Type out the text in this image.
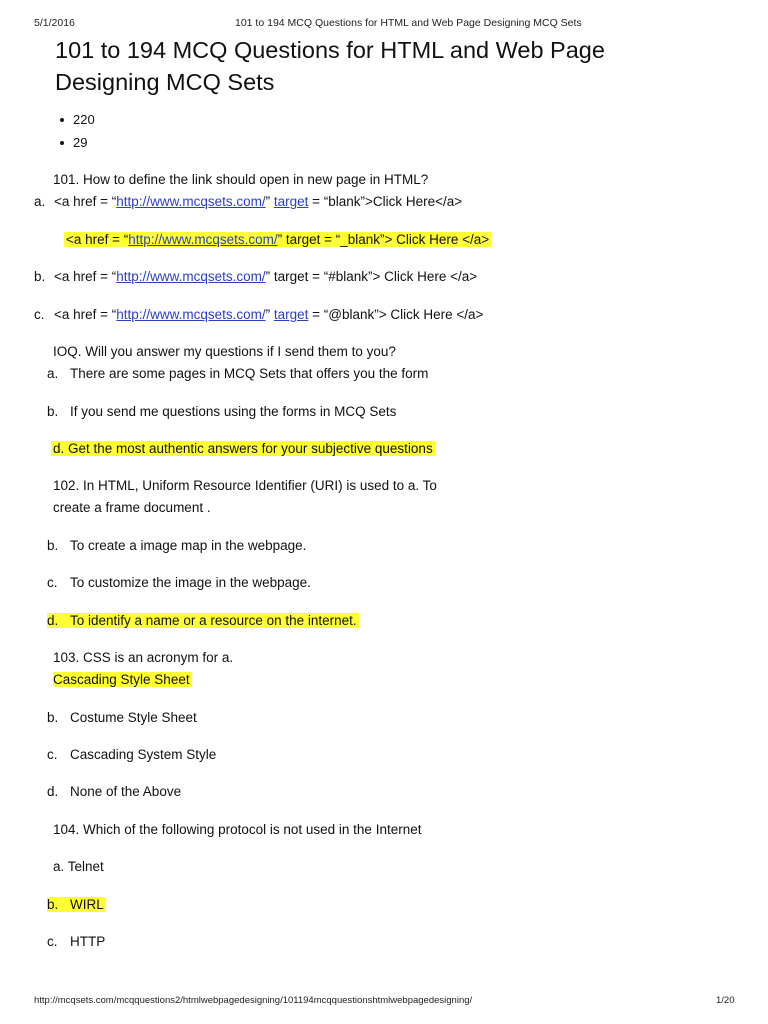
5/1/2016	101 to 194 MCQ Questions for HTML and Web Page Designing MCQ Sets
101 to 194 MCQ Questions for HTML and Web Page
Designing MCQ Sets
220
29
101. How to define the link should open in new page in HTML?
a. <a href = “http://www.mcqsets.com/” target = “blank”>Click Here</a>
<a href = “http://www.mcqsets.com/” target = “_blank”> Click Here </a>
b. <a href = “http://www.mcqsets.com/” target = “#blank”> Click Here </a>
c. <a href = “http://www.mcqsets.com/” target = “@blank”> Click Here </a>
IOQ. Will you answer my questions if I send them to you?
a. There are some pages in MCQ Sets that offers you the form
b. If you send me questions using the forms in MCQ Sets
d. Get the most authentic answers for your subjective questions
102. In HTML, Uniform Resource Identifier (URI) is used to a. To
create a frame document .
b. To create a image map in the webpage.
c. To customize the image in the webpage.
d. To identify a name or a resource on the internet.
103. CSS is an acronym for a.
Cascading Style Sheet
b. Costume Style Sheet
c. Cascading System Style
d. None of the Above
104. Which of the following protocol is not used in the Internet
a. Telnet
b. WIRL
c. HTTP
http://mcqsets.com/mcqquestions2/htmlwebpagedesigning/101194mcqquestionshtmlwebpagedesigning/	1/20
